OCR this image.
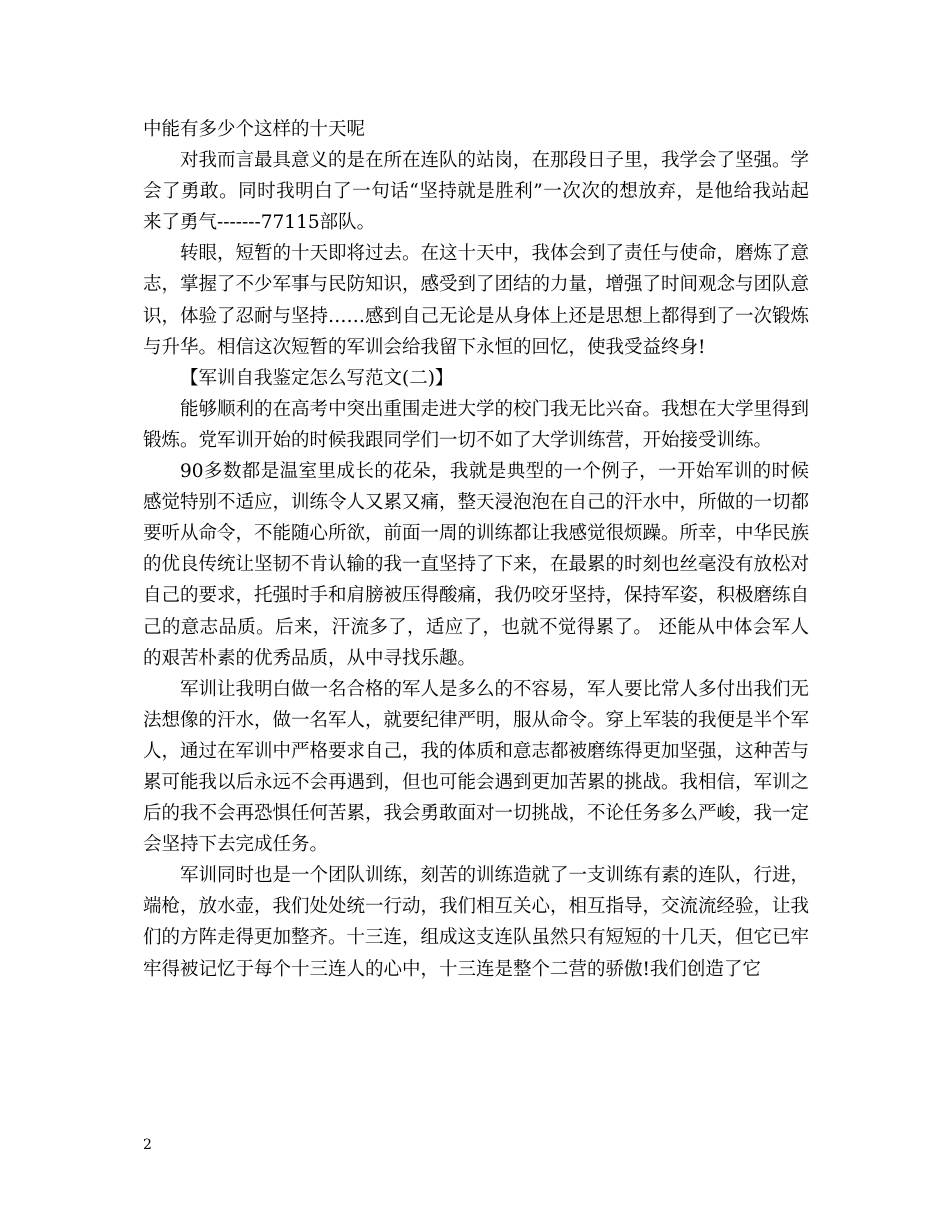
中能有多少个这样的十天呢

对我而言最具意义的是在所在连队的站岗，在那段日子里，我学会了坚强。学会了勇敢。同时我明白了一句话“坚持就是胜利”一次次的想放弃，是他给我站起来了勇气-------77115部队。

转眼，短暂的十天即将过去。在这十天中，我体会到了责任与使命，磨炼了意志，掌握了不少军事与民防知识，感受到了团结的力量，增强了时间观念与团队意识，体验了忍耐与坚持……感到自己无论是从身体上还是思想上都得到了一次锻炼与升华。相信这次短暂的军训会给我留下永恒的回忆，使我受益终身!

【军训自我鉴定怎么写范文(二)】

能够顺利的在高考中突出重围走进大学的校门我无比兴奋。我想在大学里得到锻炼。党军训开始的时候我跟同学们一切不如了大学训练营，开始接受训练。

90多数都是温室里成长的花朵，我就是典型的一个例子，一开始军训的时候感觉特别不适应，训练令人又累又痛，整天浸泡泡在自己的汗水中，所做的一切都要听从命令，不能随心所欲，前面一周的训练都让我感觉很烦躁。所幸，中华民族的优良传统让坚韧不肯认输的我一直坚持了下来，在最累的时刻也丝毫没有放松对自己的要求，托强时手和肩膀被压得酸痛，我仍咬牙坚持，保持军姿，积极磨练自己的意志品质。后来，汗流多了，适应了，也就不觉得累了。 还能从中体会军人的艰苦朴素的优秀品质，从中寻找乐趣。

军训让我明白做一名合格的军人是多么的不容易，军人要比常人多付出我们无法想像的汗水，做一名军人，就要纪律严明，服从命令。穿上军装的我便是半个军人，通过在军训中严格要求自己，我的体质和意志都被磨练得更加坚强，这种苦与累可能我以后永远不会再遇到，但也可能会遇到更加苦累的挑战。我相信，军训之后的我不会再恐惧任何苦累，我会勇敢面对一切挑战，不论任务多么严峻，我一定会坚持下去完成任务。

军训同时也是一个团队训练，刻苦的训练造就了一支训练有素的连队，行进，端枪，放水壶，我们处处统一行动，我们相互关心，相互指导，交流流经验，让我们的方阵走得更加整齐。十三连，组成这支连队虽然只有短短的十几天，但它已牢牢得被记忆于每个十三连人的心中，十三连是整个二营的骄傲!我们创造了它

2
